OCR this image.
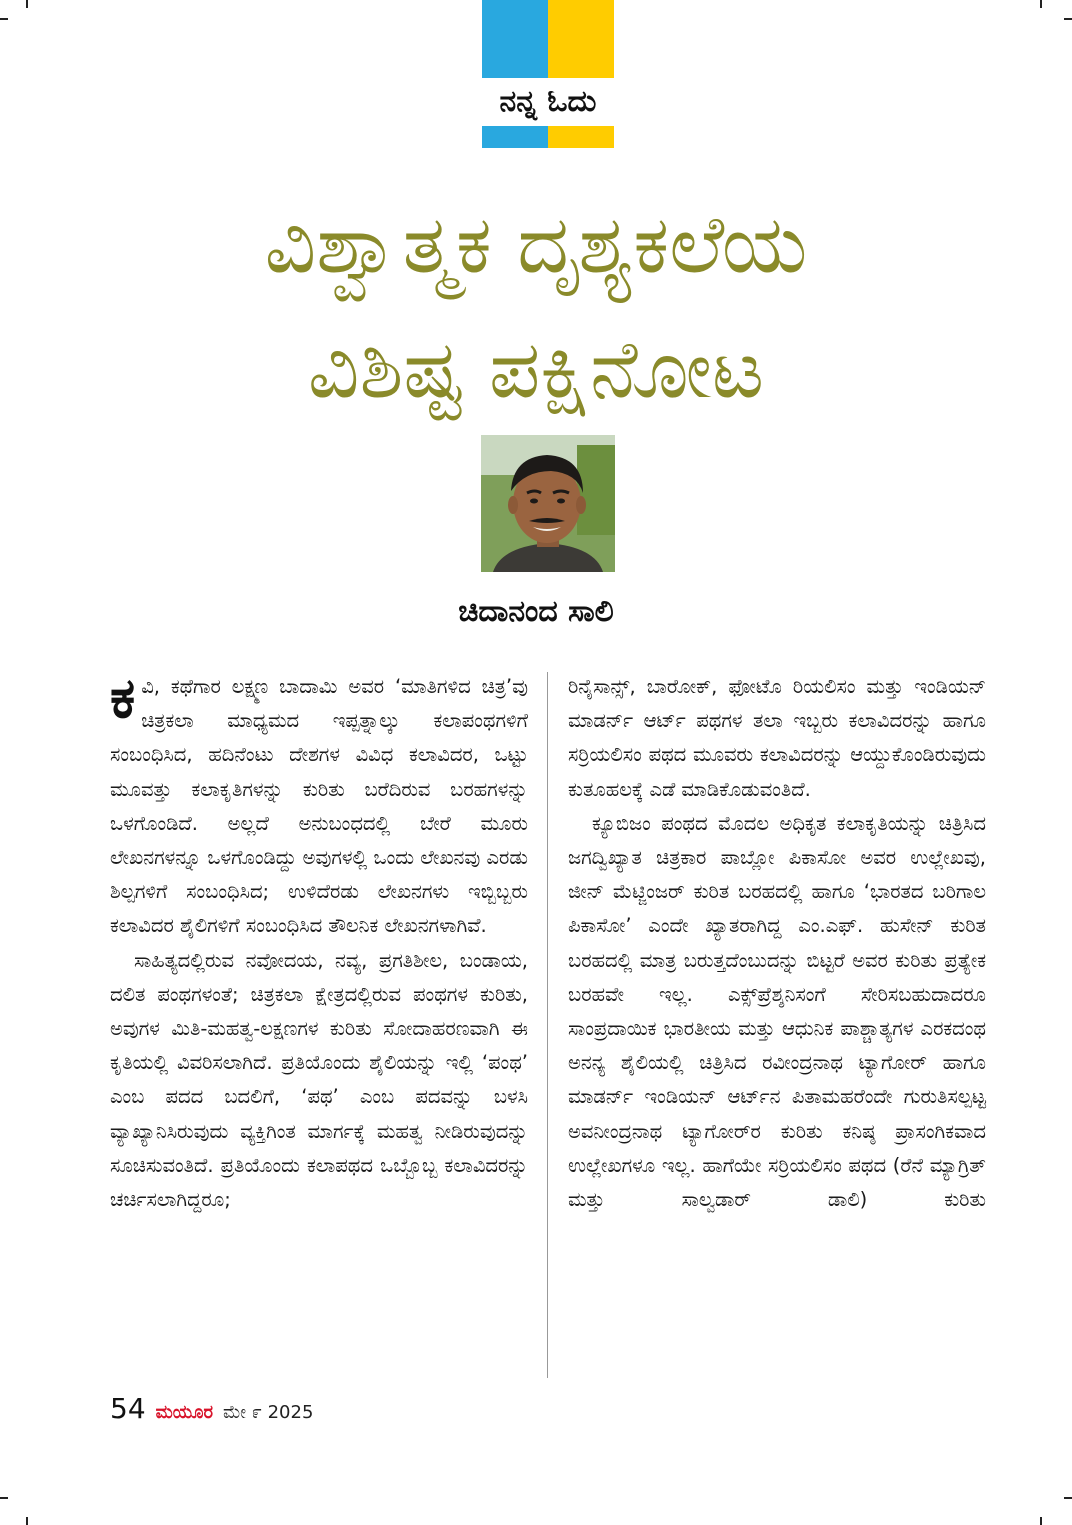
ನನ್ನ ಓದು
ವಿಶ್ವಾತ್ಮಕ ದೃಶ್ಯಕಲೆಯ
ವಿಶಿಷ್ಟ ಪಕ್ಷಿನೋಟ
ಚಿದಾನಂದ ಸಾಲಿ

ಕವಿ, ಕಥೆಗಾರ ಲಕ್ಷ್ಮಣ ಬಾದಾಮಿ ಅವರ ‘ಮಾತಿಗಳಿದ ಚಿತ್ರ’ವು ಚಿತ್ರಕಲಾ ಮಾಧ್ಯಮದ ಇಪ್ಪತ್ನಾಲ್ಕು ಕಲಾಪಂಥಗಳಿಗೆ ಸಂಬಂಧಿಸಿದ, ಹದಿನೆಂಟು ದೇಶಗಳ ವಿವಿಧ ಕಲಾವಿದರ, ಒಟ್ಟು ಮೂವತ್ತು ಕಲಾಕೃತಿಗಳನ್ನು ಕುರಿತು ಬರೆದಿರುವ ಬರಹಗಳನ್ನು ಒಳಗೊಂಡಿದೆ. ಅಲ್ಲದೆ ಅನುಬಂಧದಲ್ಲಿ ಬೇರೆ ಮೂರು ಲೇಖನಗಳನ್ನೂ ಒಳಗೊಂಡಿದ್ದು ಅವುಗಳಲ್ಲಿ ಒಂದು ಲೇಖನವು ಎರಡು ಶಿಲ್ಪಗಳಿಗೆ ಸಂಬಂಧಿಸಿದ; ಉಳಿದೆರಡು ಲೇಖನಗಳು ಇಬ್ಬಿಬ್ಬರು ಕಲಾವಿದರ ಶೈಲಿಗಳಿಗೆ ಸಂಬಂಧಿಸಿದ ತೌಲನಿಕ ಲೇಖನಗಳಾಗಿವೆ.

ಸಾಹಿತ್ಯದಲ್ಲಿರುವ ನವೋದಯ, ನವ್ಯ, ಪ್ರಗತಿಶೀಲ, ಬಂಡಾಯ, ದಲಿತ ಪಂಥಗಳಂತೆ; ಚಿತ್ರಕಲಾ ಕ್ಷೇತ್ರದಲ್ಲಿರುವ ಪಂಥಗಳ ಕುರಿತು, ಅವುಗಳ ಮಿತಿ-ಮಹತ್ವ-ಲಕ್ಷಣಗಳ ಕುರಿತು ಸೋದಾಹರಣವಾಗಿ ಈ ಕೃತಿಯಲ್ಲಿ ವಿವರಿಸಲಾಗಿದೆ. ಪ್ರತಿಯೊಂದು ಶೈಲಿಯನ್ನು ಇಲ್ಲಿ ‘ಪಂಥ’ ಎಂಬ ಪದದ ಬದಲಿಗೆ, ‘ಪಥ’ ಎಂಬ ಪದವನ್ನು ಬಳಸಿ ವ್ಯಾಖ್ಯಾನಿಸಿರುವುದು ವ್ಯಕ್ತಿಗಿಂತ ಮಾರ್ಗಕ್ಕೆ ಮಹತ್ವ ನೀಡಿರುವುದನ್ನು ಸೂಚಿಸುವಂತಿದೆ. ಪ್ರತಿಯೊಂದು ಕಲಾಪಥದ ಒಬ್ಬೊಬ್ಬ ಕಲಾವಿದರನ್ನು ಚರ್ಚಿಸಲಾಗಿದ್ದರೂ;

ರಿನೈಸಾನ್ಸ್, ಬಾರೋಕ್, ಫೋಟೊ ರಿಯಲಿಸಂ ಮತ್ತು ಇಂಡಿಯನ್ ಮಾಡರ್ನ್ ಆರ್ಟ್ ಪಥಗಳ ತಲಾ ಇಬ್ಬರು ಕಲಾವಿದರನ್ನು ಹಾಗೂ ಸರ್ರಿಯಲಿಸಂ ಪಥದ ಮೂವರು ಕಲಾವಿದರನ್ನು ಆಯ್ದುಕೊಂಡಿರುವುದು ಕುತೂಹಲಕ್ಕೆ ಎಡೆ ಮಾಡಿಕೊಡುವಂತಿದೆ.

ಕ್ಯೂಬಿಜಂ ಪಂಥದ ಮೊದಲ ಅಧಿಕೃತ ಕಲಾಕೃತಿಯನ್ನು ಚಿತ್ರಿಸಿದ ಜಗದ್ವಿಖ್ಯಾತ ಚಿತ್ರಕಾರ ಪಾಬ್ಲೋ ಪಿಕಾಸೋ ಅವರ ಉಲ್ಲೇಖವು, ಜೀನ್ ಮೆಟ್ಜಿಂಜರ್ ಕುರಿತ ಬರಹದಲ್ಲಿ ಹಾಗೂ ‘ಭಾರತದ ಬರಿಗಾಲ ಪಿಕಾಸೋ’ ಎಂದೇ ಖ್ಯಾತರಾಗಿದ್ದ ಎಂ.ಎಫ್. ಹುಸೇನ್ ಕುರಿತ ಬರಹದಲ್ಲಿ ಮಾತ್ರ ಬರುತ್ತದೆಂಬುದನ್ನು ಬಿಟ್ಟರೆ ಅವರ ಕುರಿತು ಪ್ರತ್ಯೇಕ ಬರಹವೇ ಇಲ್ಲ. ಎಕ್ಸ್‌ಪ್ರೆಶ್ಶನಿಸಂಗೆ ಸೇರಿಸಬಹುದಾದರೂ ಸಾಂಪ್ರದಾಯಿಕ ಭಾರತೀಯ ಮತ್ತು ಆಧುನಿಕ ಪಾಶ್ಚಾತ್ಯಗಳ ಎರಕದಂಥ ಅನನ್ಯ ಶೈಲಿಯಲ್ಲಿ ಚಿತ್ರಿಸಿದ ರವೀಂದ್ರನಾಥ ಟ್ಯಾಗೋರ್ ಹಾಗೂ ಮಾಡರ್ನ್ ಇಂಡಿಯನ್ ಆರ್ಟ್‌ನ ಪಿತಾಮಹರೆಂದೇ ಗುರುತಿಸಲ್ಪಟ್ಟ ಅವನೀಂದ್ರನಾಥ ಟ್ಯಾಗೋರ್‌ರ ಕುರಿತು ಕನಿಷ್ಠ ಪ್ರಾಸಂಗಿಕವಾದ ಉಲ್ಲೇಖಗಳೂ ಇಲ್ಲ. ಹಾಗೆಯೇ ಸರ್ರಿಯಲಿಸಂ ಪಥದ (ರೆನೆ ಮ್ಯಾಗ್ರಿತ್ ಮತ್ತು ಸಾಲ್ವಡಾರ್ ಡಾಲಿ) ಕುರಿತು

54 ಮಯೂರ ಮೇ ೯ 2025
